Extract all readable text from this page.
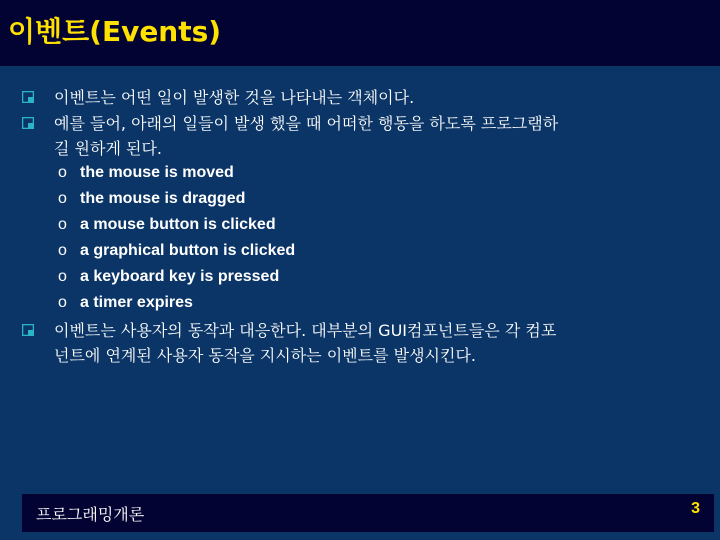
이벤트(Events)
이벤트는 어떤 일이 발생한 것을 나타내는 객체이다.
예를 들어, 아래의 일들이 발생 했을 때 어떠한 행동을 하도록 프로그램하
길 원하게 된다.
o the mouse is moved
o the mouse is dragged
o a mouse button is clicked
o a graphical button is clicked
o a keyboard key is pressed
o a timer expires
이벤트는 사용자의 동작과 대응한다. 대부분의 GUI컴포넌트들은 각 컴포
넌트에 연계된 사용자 동작을 지시하는 이벤트를 발생시킨다.
프로그래밍개론	3
